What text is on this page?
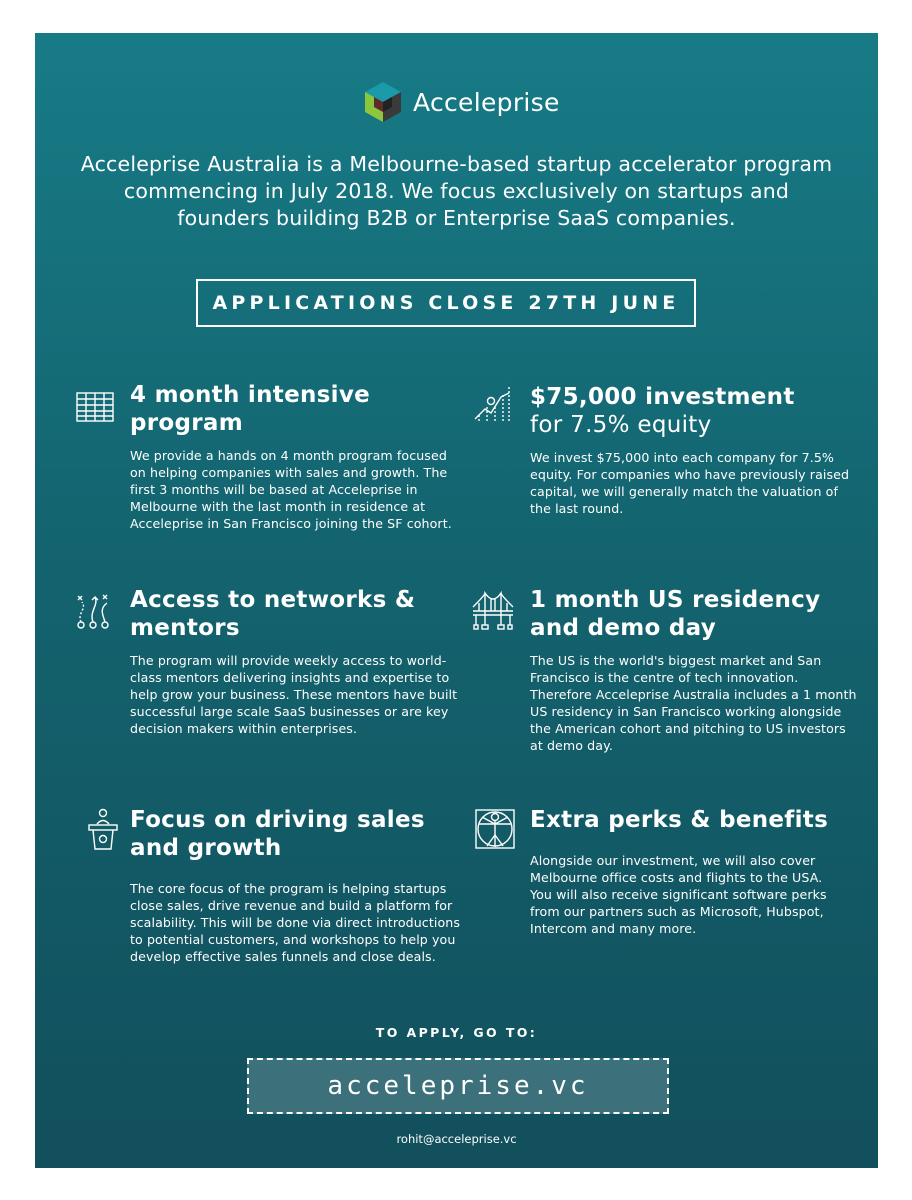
Acceleprise
Acceleprise Australia is a Melbourne-based startup accelerator program commencing in July 2018. We focus exclusively on startups and founders building B2B or Enterprise SaaS companies.
APPLICATIONS CLOSE 27TH JUNE
4 month intensive program
We provide a hands on 4 month program focused on helping companies with sales and growth. The first 3 months will be based at Acceleprise in Melbourne with the last month in residence at Acceleprise in San Francisco joining the SF cohort.
$75,000 investment
for 7.5% equity
We invest $75,000 into each company for 7.5% equity. For companies who have previously raised capital, we will generally match the valuation of the last round.
Access to networks & mentors
The program will provide weekly access to world-class mentors delivering insights and expertise to help grow your business. These mentors have built successful large scale SaaS businesses or are key decision makers within enterprises.
1 month US residency and demo day
The US is the world's biggest market and San Francisco is the centre of tech innovation. Therefore Acceleprise Australia includes a 1 month US residency in San Francisco working alongside the American cohort and pitching to US investors at demo day.
Focus on driving sales and growth
The core focus of the program is helping startups close sales, drive revenue and build a platform for scalability. This will be done via direct introductions to potential customers, and workshops to help you develop effective sales funnels and close deals.
Extra perks & benefits
Alongside our investment, we will also cover Melbourne office costs and flights to the USA.
You will also receive significant software perks from our partners such as Microsoft, Hubspot, Intercom and many more.
TO APPLY, GO TO:
acceleprise.vc
rohit@acceleprise.vc
